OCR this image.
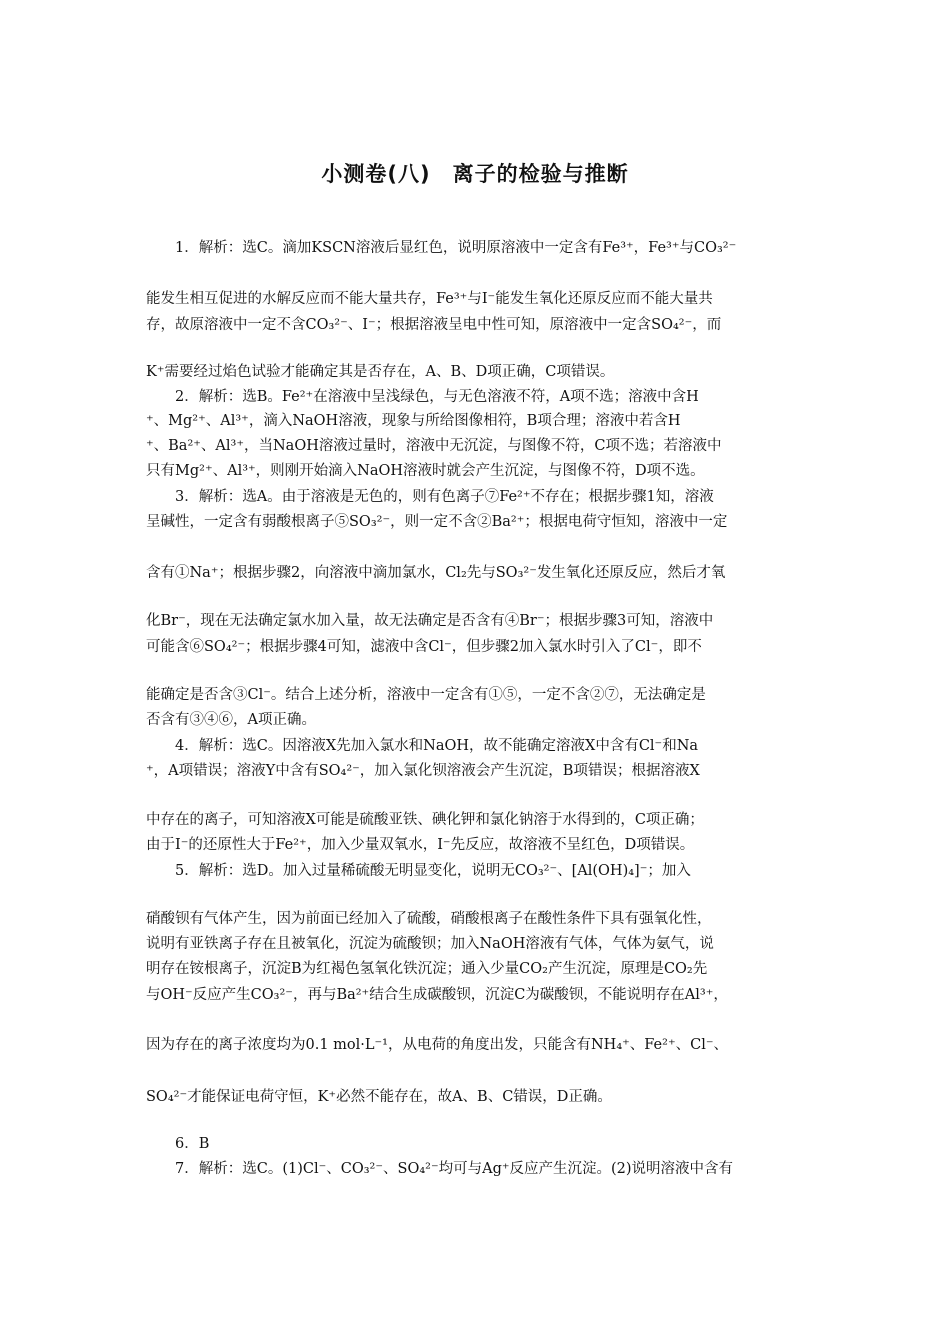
小测卷(八)　离子的检验与推断
1．解析：选C。滴加KSCN溶液后显红色，说明原溶液中一定含有Fe³⁺，Fe³⁺与CO₃²⁻
能发生相互促进的水解反应而不能大量共存，Fe³⁺与I⁻能发生氧化还原反应而不能大量共
存，故原溶液中一定不含CO₃²⁻、I⁻；根据溶液呈电中性可知，原溶液中一定含SO₄²⁻，而
K⁺需要经过焰色试验才能确定其是否存在，A、B、D项正确，C项错误。
2．解析：选B。Fe²⁺在溶液中呈浅绿色，与无色溶液不符，A项不选；溶液中含H
⁺、Mg²⁺、Al³⁺，滴入NaOH溶液，现象与所给图像相符，B项合理；溶液中若含H
⁺、Ba²⁺、Al³⁺，当NaOH溶液过量时，溶液中无沉淀，与图像不符，C项不选；若溶液中
只有Mg²⁺、Al³⁺，则刚开始滴入NaOH溶液时就会产生沉淀，与图像不符，D项不选。
3．解析：选A。由于溶液是无色的，则有色离子⑦Fe²⁺不存在；根据步骤1知，溶液
呈碱性，一定含有弱酸根离子⑤SO₃²⁻，则一定不含②Ba²⁺；根据电荷守恒知，溶液中一定
含有①Na⁺；根据步骤2，向溶液中滴加氯水，Cl₂先与SO₃²⁻发生氧化还原反应，然后才氧
化Br⁻，现在无法确定氯水加入量，故无法确定是否含有④Br⁻；根据步骤3可知，溶液中
可能含⑥SO₄²⁻；根据步骤4可知，滤液中含Cl⁻，但步骤2加入氯水时引入了Cl⁻，即不
能确定是否含③Cl⁻。结合上述分析，溶液中一定含有①⑤，一定不含②⑦，无法确定是
否含有③④⑥，A项正确。
4．解析：选C。因溶液X先加入氯水和NaOH，故不能确定溶液X中含有Cl⁻和Na
⁺，A项错误；溶液Y中含有SO₄²⁻，加入氯化钡溶液会产生沉淀，B项错误；根据溶液X
中存在的离子，可知溶液X可能是硫酸亚铁、碘化钾和氯化钠溶于水得到的，C项正确；
由于I⁻的还原性大于Fe²⁺，加入少量双氧水，I⁻先反应，故溶液不呈红色，D项错误。
5．解析：选D。加入过量稀硫酸无明显变化，说明无CO₃²⁻、[Al(OH)₄]⁻；加入
硝酸钡有气体产生，因为前面已经加入了硫酸，硝酸根离子在酸性条件下具有强氧化性，
说明有亚铁离子存在且被氧化，沉淀为硫酸钡；加入NaOH溶液有气体，气体为氨气，说
明存在铵根离子，沉淀B为红褐色氢氧化铁沉淀；通入少量CO₂产生沉淀，原理是CO₂先
与OH⁻反应产生CO₃²⁻，再与Ba²⁺结合生成碳酸钡，沉淀C为碳酸钡，不能说明存在Al³⁺，
因为存在的离子浓度均为0.1 mol·L⁻¹，从电荷的角度出发，只能含有NH₄⁺、Fe²⁺、Cl⁻、
SO₄²⁻才能保证电荷守恒，K⁺必然不能存在，故A、B、C错误，D正确。
6．B
7．解析：选C。(1)Cl⁻、CO₃²⁻、SO₄²⁻均可与Ag⁺反应产生沉淀。(2)说明溶液中含有
